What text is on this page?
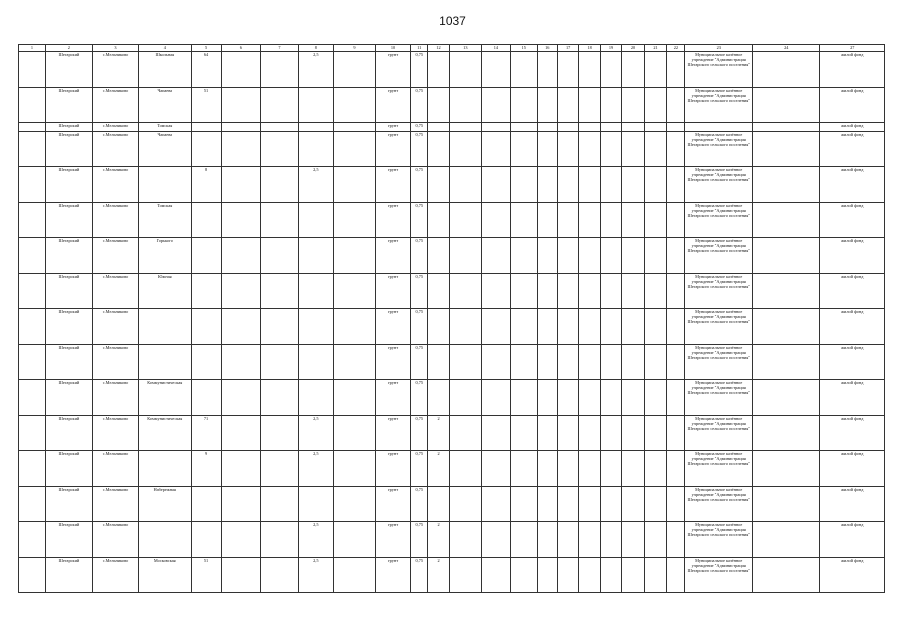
1037
1	2	3	4	5	6	7	8	9	10	11	12	13	14	15	16	17	18	19	20	21	22	23	24	27
	Шегарский	с.Мельниково	Школьная	64			2,5		грунт	0,75												Муниципальное казённое учреждение "Администрация Шегарского сельского поселения"		жилой фонд
	Шегарский	с.Мельниково	Чапаева	51					грунт	0,75												Муниципальное казённое учреждение "Администрация Шегарского сельского поселения"		жилой фонд
	Шегарский	с.Мельниково	Томская						грунт	0,75														жилой фонд
	Шегарский	с.Мельниково	Чапаева						грунт	0,75												Муниципальное казённое учреждение "Администрация Шегарского сельского поселения"		жилой фонд
	Шегарский	с.Мельниково		8			2,5		грунт	0,75												Муниципальное казённое учреждение "Администрация Шегарского сельского поселения"		жилой фонд
	Шегарский	с.Мельниково	Томская						грунт	0,75												Муниципальное казённое учреждение "Администрация Шегарского сельского поселения"		жилой фонд
	Шегарский	с.Мельниково	Горького						грунт	0,75												Муниципальное казённое учреждение "Администрация Шегарского сельского поселения"		жилой фонд
	Шегарский	с.Мельниково	Южная						грунт	0,75												Муниципальное казённое учреждение "Администрация Шегарского сельского поселения"		жилой фонд
	Шегарский	с.Мельниково							грунт	0,75												Муниципальное казённое учреждение "Администрация Шегарского сельского поселения"		жилой фонд
	Шегарский	с.Мельниково							грунт	0,75												Муниципальное казённое учреждение "Администрация Шегарского сельского поселения"		жилой фонд
	Шегарский	с.Мельниково	Коммунистическая						грунт	0,75												Муниципальное казённое учреждение "Администрация Шегарского сельского поселения"		жилой фонд
	Шегарский	с.Мельниково	Коммунистическая	71			2,5		грунт	0,75	2											Муниципальное казённое учреждение "Администрация Шегарского сельского поселения"		жилой фонд
	Шегарский	с.Мельниково		9			2,5		грунт	0,75	2											Муниципальное казённое учреждение "Администрация Шегарского сельского поселения"		жилой фонд
	Шегарский	с.Мельниково	Набережная						грунт	0,75												Муниципальное казённое учреждение "Администрация Шегарского сельского поселения"		жилой фонд
	Шегарский	с.Мельниково					2,5		грунт	0,75	2											Муниципальное казённое учреждение "Администрация Шегарского сельского поселения"		жилой фонд
	Шегарский	с.Мельниково	Московская	51			2,5		грунт	0,75	2											Муниципальное казённое учреждение "Администрация Шегарского сельского поселения"		жилой фонд
